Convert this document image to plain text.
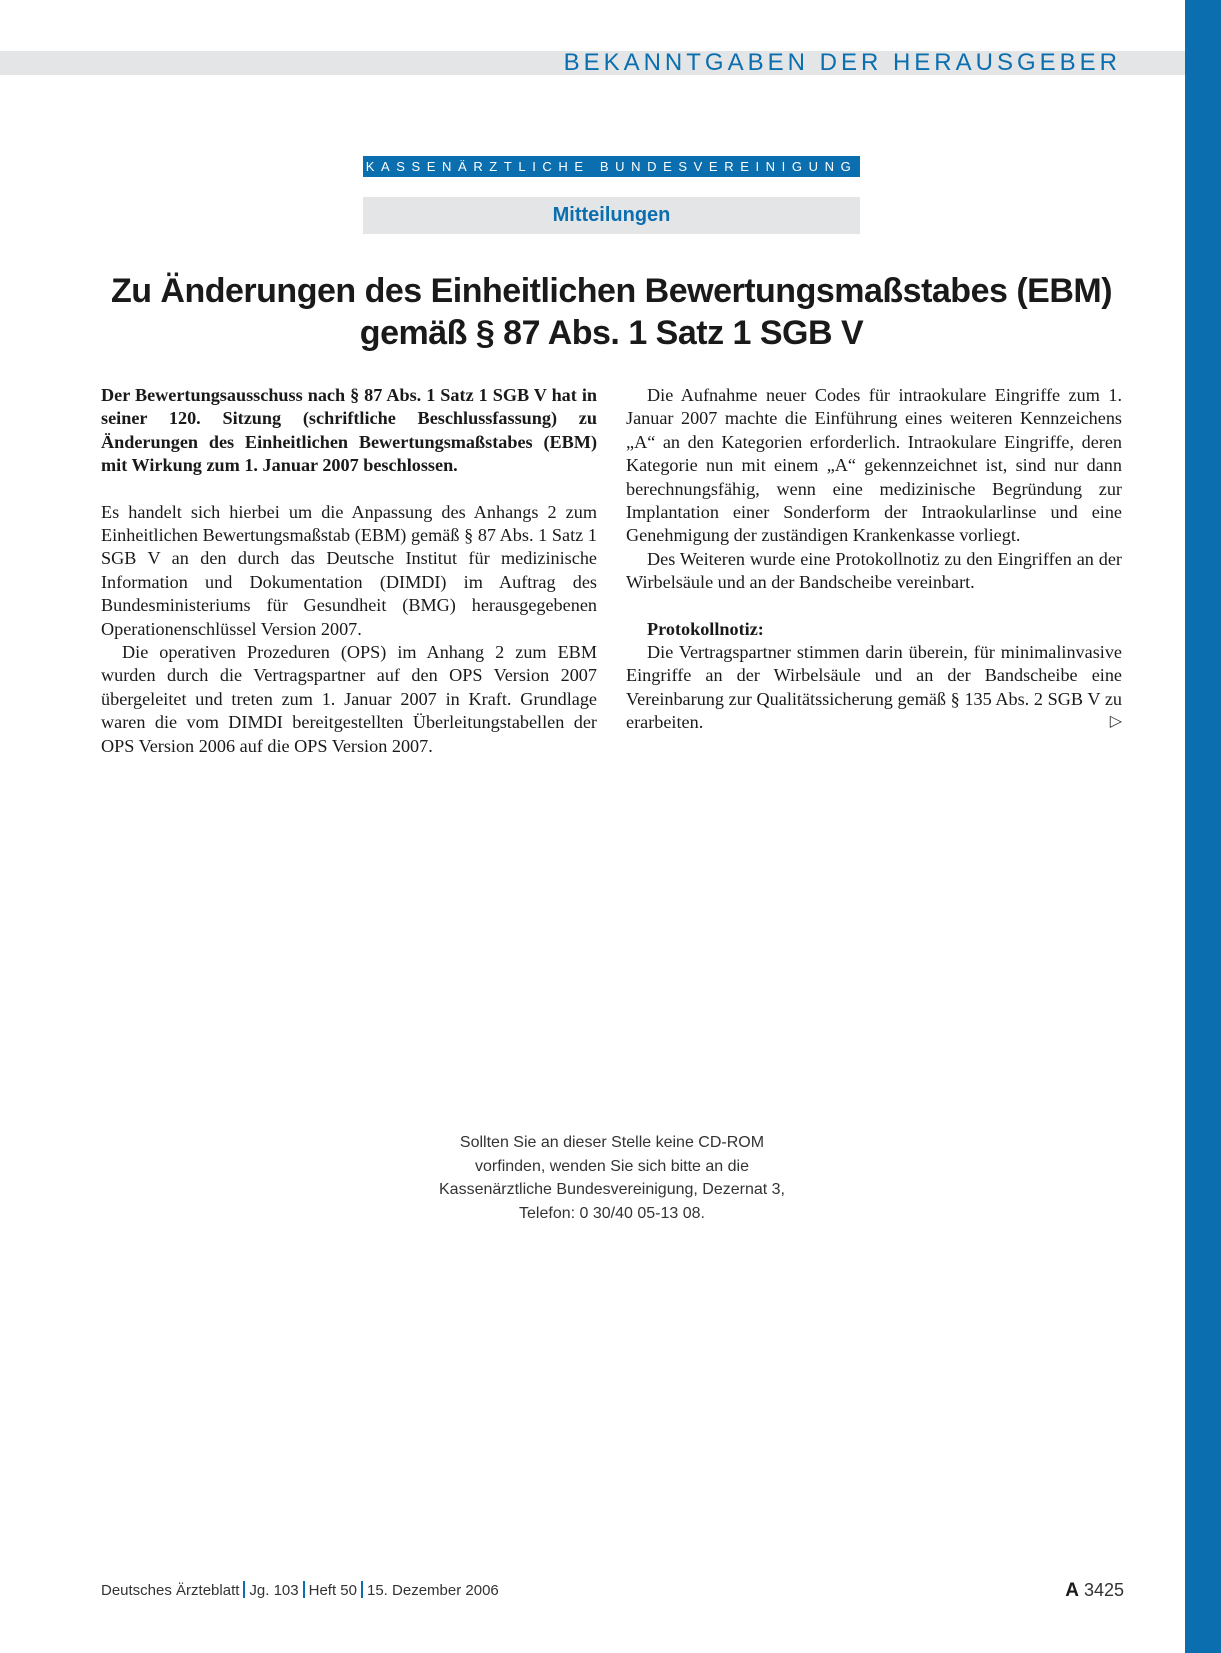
BEKANNTGABEN DER HERAUSGEBER
KASSENÄRZTLICHE BUNDESVEREINIGUNG
Mitteilungen
Zu Änderungen des Einheitlichen Bewertungsmaßstabes (EBM)
gemäß § 87 Abs. 1 Satz 1 SGB V

Der Bewertungsausschuss nach § 87 Abs. 1 Satz 1 SGB V hat in seiner 120. Sitzung (schriftliche Beschlussfassung) zu Änderungen des Einheitlichen Bewertungsmaßstabes (EBM) mit Wirkung zum 1. Januar 2007 beschlossen.

Es handelt sich hierbei um die Anpassung des Anhangs 2 zum Einheitlichen Bewertungsmaßstab (EBM) gemäß § 87 Abs. 1 Satz 1 SGB V an den durch das Deutsche Institut für medizinische Information und Dokumentation (DIMDI) im Auftrag des Bundesministeriums für Gesundheit (BMG) herausgegebenen Operationenschlüssel Version 2007.

Die operativen Prozeduren (OPS) im Anhang 2 zum EBM wurden durch die Vertragspartner auf den OPS Version 2007 übergeleitet und treten zum 1. Januar 2007 in Kraft. Grundlage waren die vom DIMDI bereitgestellten Überleitungstabellen der OPS Version 2006 auf die OPS Version 2007.

Die Aufnahme neuer Codes für intraokulare Eingriffe zum 1. Januar 2007 machte die Einführung eines weiteren Kennzeichens „A“ an den Kategorien erforderlich. Intraokulare Eingriffe, deren Kategorie nun mit einem „A“ gekennzeichnet ist, sind nur dann berechnungsfähig, wenn eine medizinische Begründung zur Implantation einer Sonderform der Intraokularlinse und eine Genehmigung der zuständigen Krankenkasse vorliegt.

Des Weiteren wurde eine Protokollnotiz zu den Eingriffen an der Wirbelsäule und an der Bandscheibe vereinbart.

Protokollnotiz:

Die Vertragspartner stimmen darin überein, für minimalinvasive Eingriffe an der Wirbelsäule und an der Bandscheibe eine Vereinbarung zur Qualitätssicherung gemäß § 135 Abs. 2 SGB V zu erarbeiten.	▷

Sollten Sie an dieser Stelle keine CD-ROM
vorfinden, wenden Sie sich bitte an die
Kassenärztliche Bundesvereinigung, Dezernat 3,
Telefon: 0 30/40 05-13 08.
Deutsches Ärzteblatt Jg. 103 Heft 50 15. Dezember 2006	A 3425
